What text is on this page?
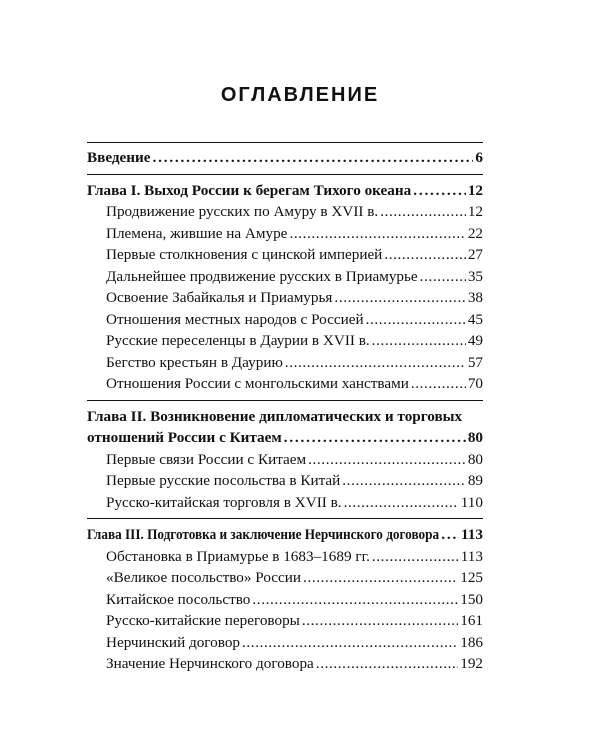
ОГЛАВЛЕНИЕ
Введение . . .	6
Глава I. Выход России к берегам Тихого океана . . .	12
Продвижение русских по Амуру в XVII в. . . .	12
Племена, жившие на Амуре . . .	22
Первые столкновения с цинской империей . . .	27
Дальнейшее продвижение русских в Приамурье . . .	35
Освоение Забайкалья и Приамурья . . .	38
Отношения местных народов с Россией . . .	45
Русские переселенцы в Даурии в XVII в. . . .	49
Бегство крестьян в Даурию . . .	57
Отношения России с монгольскими ханствами . . .	70
Глава II. Возникновение дипломатических и торговых
отношений России с Китаем . . .	80
Первые связи России с Китаем . . .	80
Первые русские посольства в Китай . . .	89
Русско-китайская торговля в XVII в. . . .	110
Глава III. Подготовка и заключение Нерчинского договора . . . 113
Обстановка в Приамурье в 1683–1689 гг. . . .	113
«Великое посольство» России . . .	125
Китайское посольство . . .	150
Русско-китайские переговоры . . .	161
Нерчинский договор . . .	186
Значение Нерчинского договора . . .	192
